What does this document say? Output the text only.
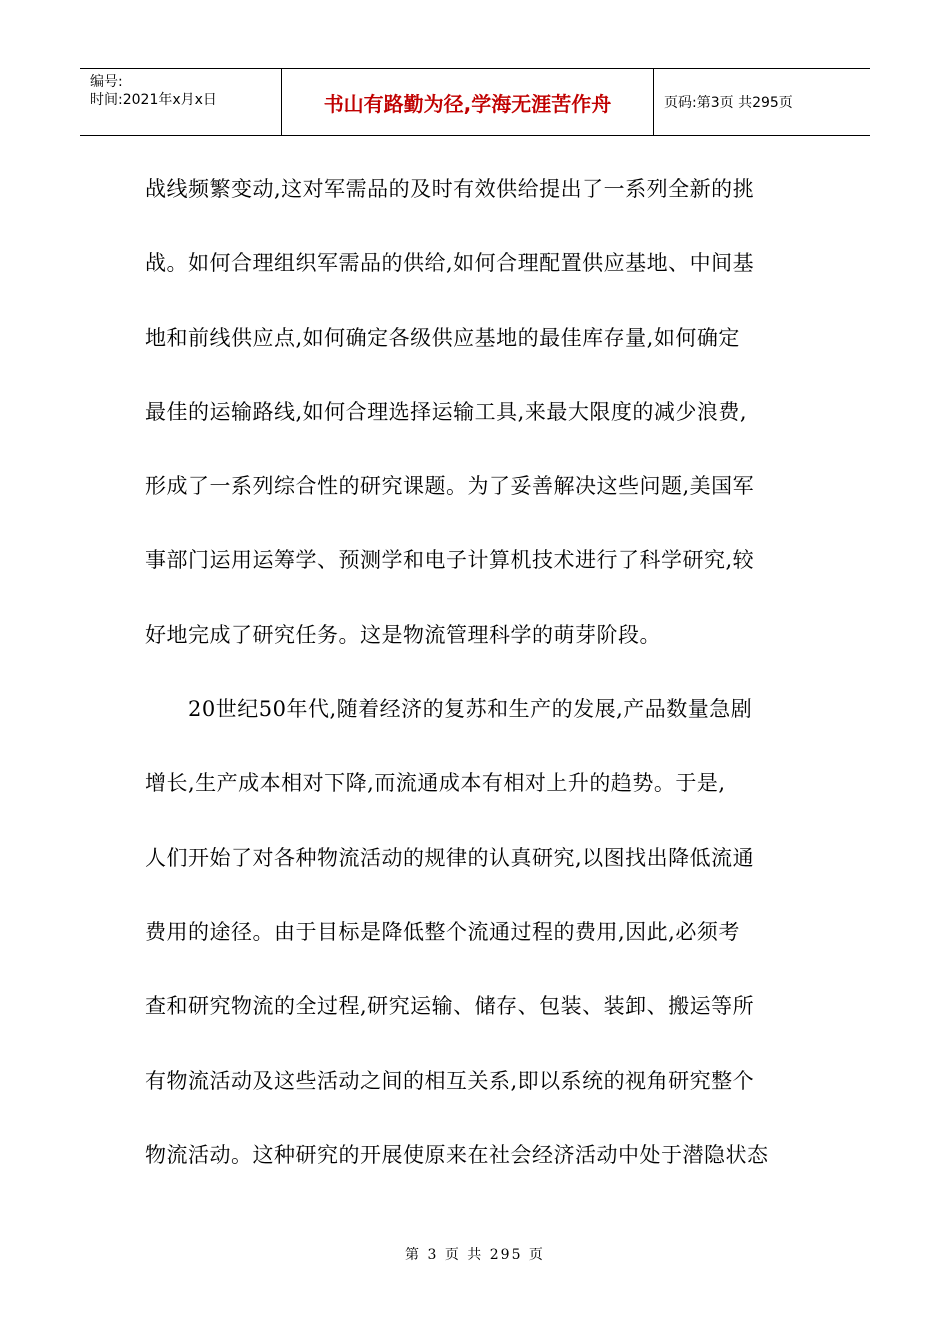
编号:
时间:2021年x月x日	书山有路勤为径,学海无涯苦作舟	页码:第3页 共295页
战线频繁变动,这对军需品的及时有效供给提出了一系列全新的挑
战。如何合理组织军需品的供给,如何合理配置供应基地、中间基
地和前线供应点,如何确定各级供应基地的最佳库存量,如何确定
最佳的运输路线,如何合理选择运输工具,来最大限度的减少浪费,
形成了一系列综合性的研究课题。为了妥善解决这些问题,美国军
事部门运用运筹学、预测学和电子计算机技术进行了科学研究,较
好地完成了研究任务。这是物流管理科学的萌芽阶段。
　　20世纪50年代,随着经济的复苏和生产的发展,产品数量急剧
增长,生产成本相对下降,而流通成本有相对上升的趋势。于是,
人们开始了对各种物流活动的规律的认真研究,以图找出降低流通
费用的途径。由于目标是降低整个流通过程的费用,因此,必须考
查和研究物流的全过程,研究运输、储存、包装、装卸、搬运等所
有物流活动及这些活动之间的相互关系,即以系统的视角研究整个
物流活动。这种研究的开展使原来在社会经济活动中处于潜隐状态
第 3 页 共 295 页
